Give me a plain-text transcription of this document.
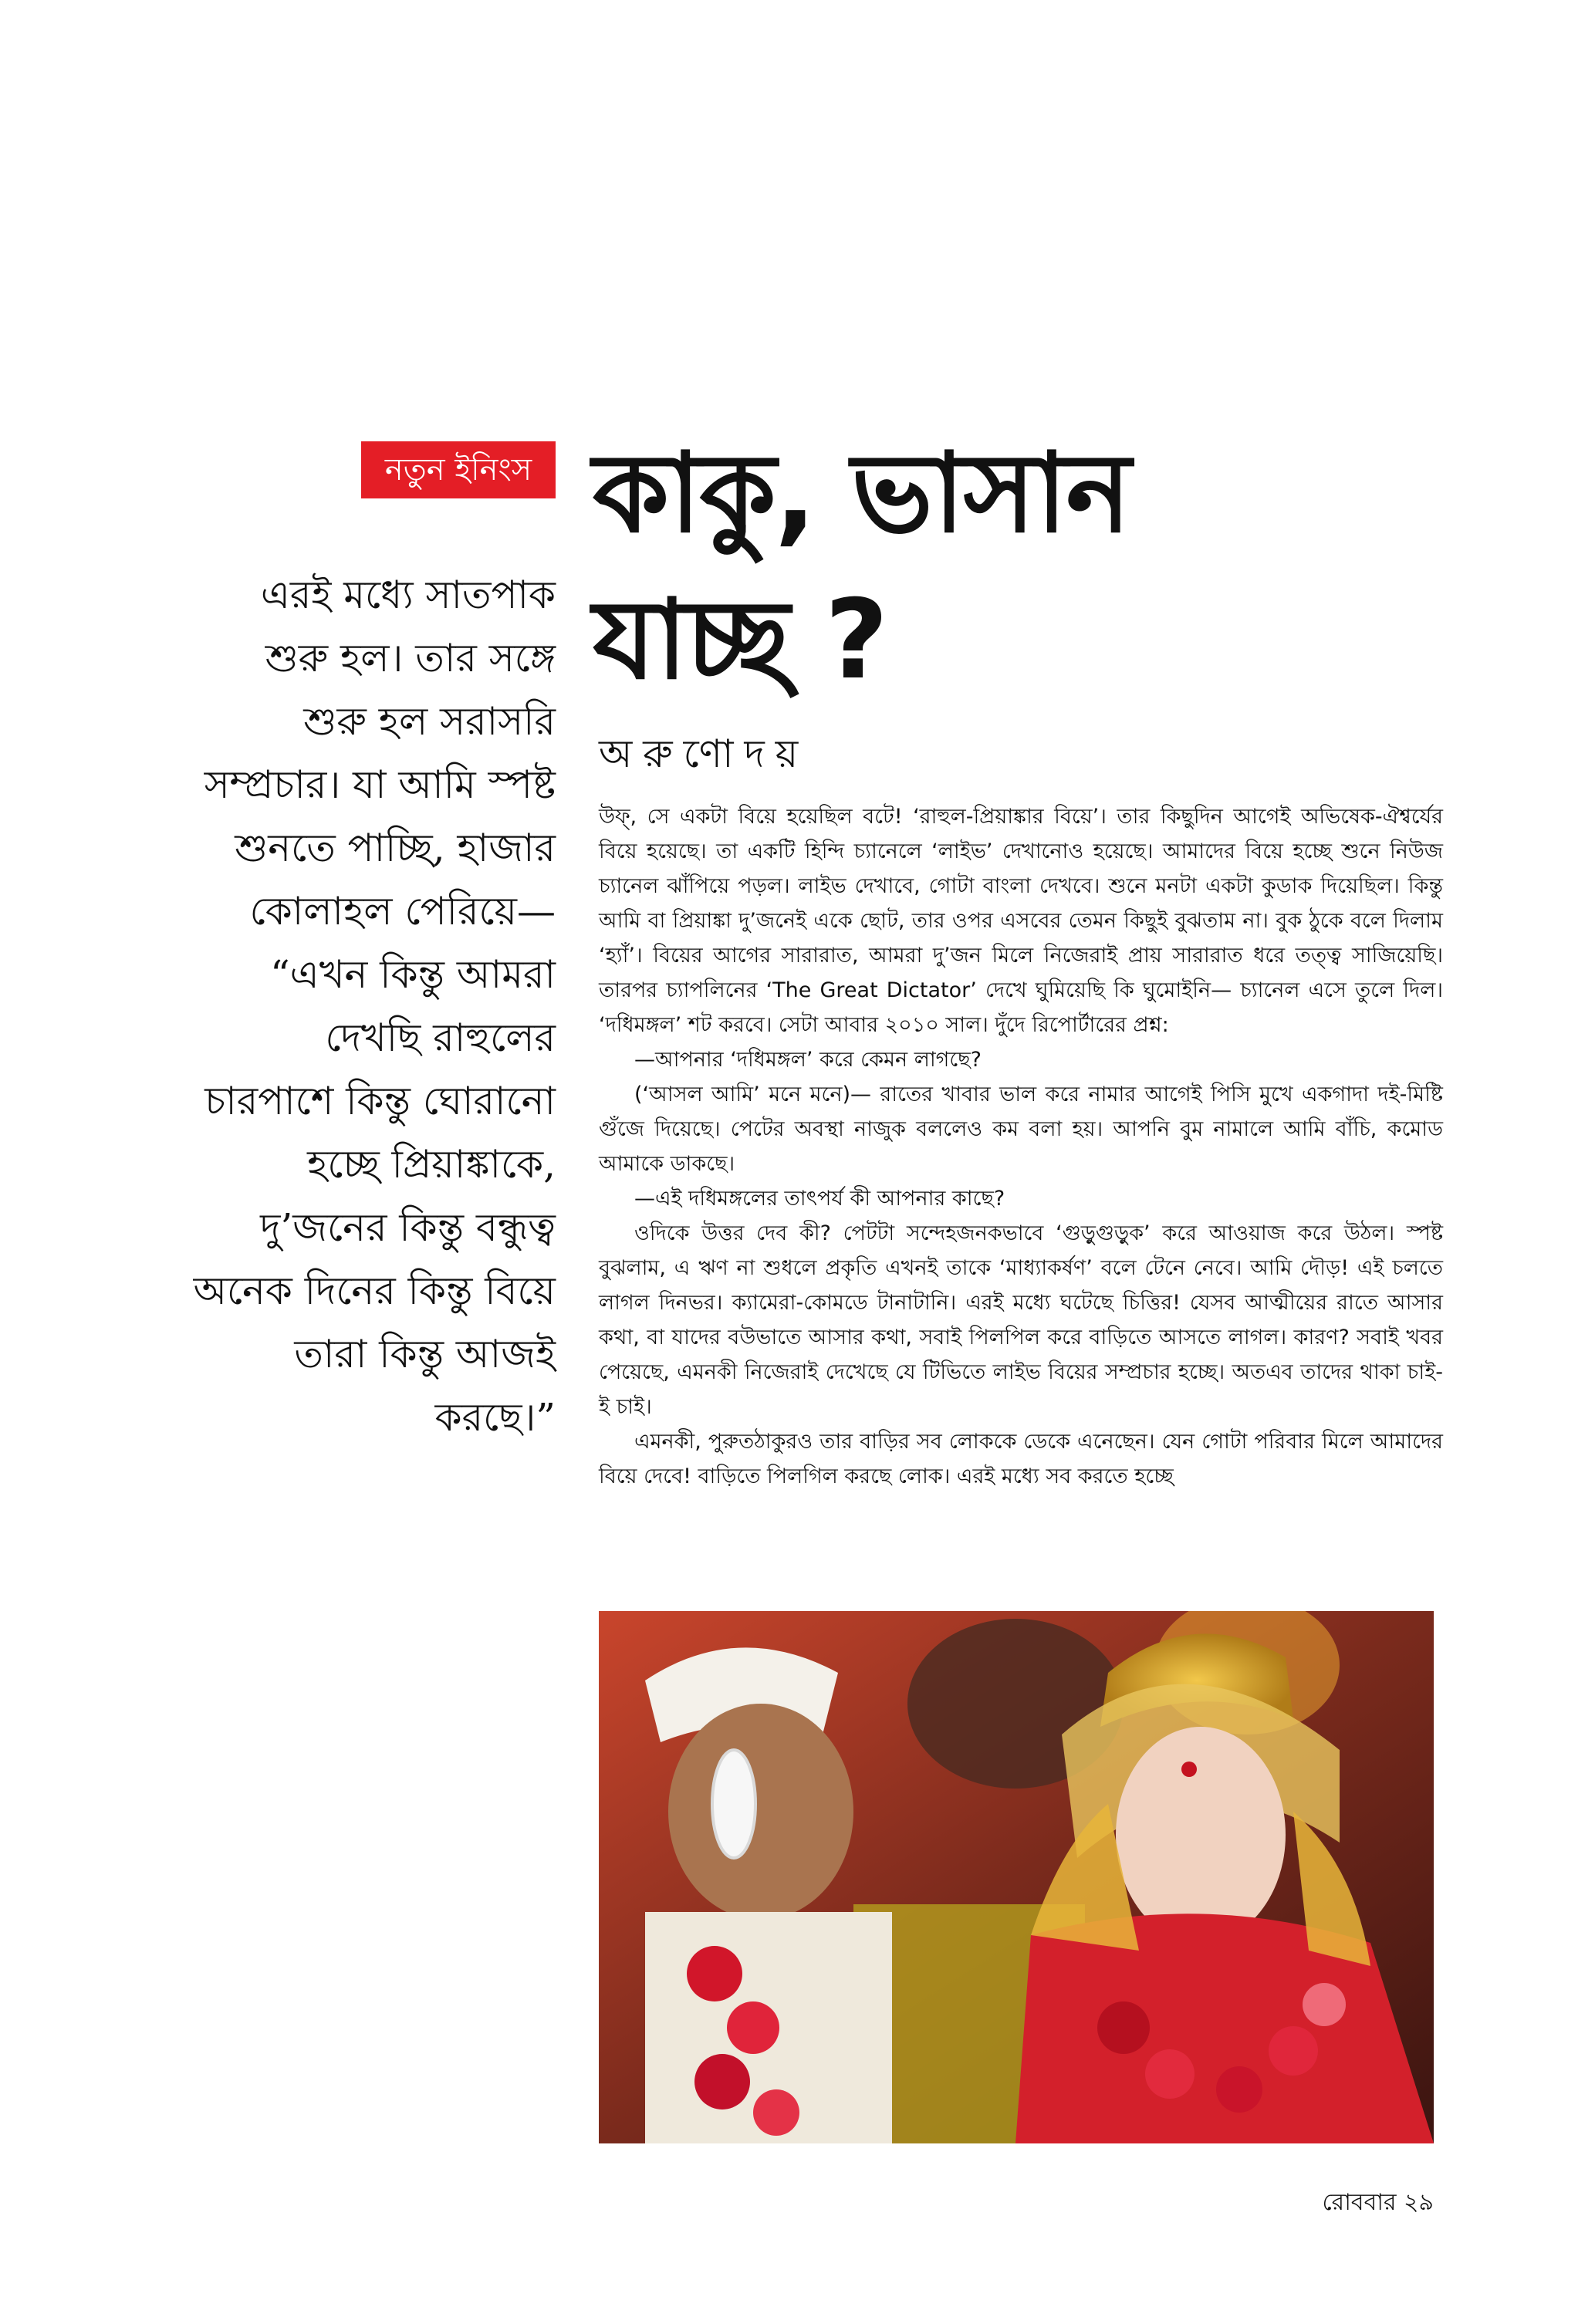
নতুন ইনিংস কাকু, ভাসান
যাচ্ছ ?
অরুণোদয়
এরই মধ্যে সাতপাক
শুরু হল। তার সঙ্গে
শুরু হল সরাসরি
সম্প্রচার। যা আমি স্পষ্ট
শুনতে পাচ্ছি, হাজার
কোলাহল পেরিয়ে—
“এখন কিন্তু আমরা
দেখছি রাহুলের
চারপাশে কিন্তু ঘোরানো
হচ্ছে প্রিয়াঙ্কাকে,
দু’জনের কিন্তু বন্ধুত্ব
অনেক দিনের কিন্তু বিয়ে
তারা কিন্তু আজই
করছে।”

উফ্, সে একটা বিয়ে হয়েছিল বটে! ‘রাহুল-প্রিয়াঙ্কার বিয়ে’। তার কিছুদিন আগেই অভিষেক-ঐশ্বর্যের বিয়ে হয়েছে। তা একটি হিন্দি চ্যানেলে ‘লাইভ’ দেখানোও হয়েছে। আমাদের বিয়ে হচ্ছে শুনে নিউজ চ্যানেল ঝাঁপিয়ে পড়ল। লাইভ দেখাবে, গোটা বাংলা দেখবে। শুনে মনটা একটা কুডাক দিয়েছিল। কিন্তু আমি বা প্রিয়াঙ্কা দু’জনেই একে ছোট, তার ওপর এসবের তেমন কিছুই বুঝতাম না। বুক ঠুকে বলে দিলাম ‘হ্যাঁ’। বিয়ের আগের সারারাত, আমরা দু’জন মিলে নিজেরাই প্রায় সারারাত ধরে তত্ত্ব সাজিয়েছি। তারপর চ্যাপলিনের ‘The Great Dictator’ দেখে ঘুমিয়েছি কি ঘুমোইনি— চ্যানেল এসে তুলে দিল। ‘দধিমঙ্গল’ শট করবে। সেটা আবার ২০১০ সাল। দুঁদে রিপোর্টারের প্রশ্ন:

—আপনার ‘দধিমঙ্গল’ করে কেমন লাগছে?

(‘আসল আমি’ মনে মনে)— রাতের খাবার ভাল করে নামার আগেই পিসি মুখে একগাদা দই-মিষ্টি গুঁজে দিয়েছে। পেটের অবস্থা নাজুক বললেও কম বলা হয়। আপনি বুম নামালে আমি বাঁচি, কমোড আমাকে ডাকছে।

—এই দধিমঙ্গলের তাৎপর্য কী আপনার কাছে?

ওদিকে উত্তর দেব কী? পেটটা সন্দেহজনকভাবে ‘গুড়ুগুড়ুক’ করে আওয়াজ করে উঠল। স্পষ্ট বুঝলাম, এ ঋণ না শুধলে প্রকৃতি এখনই তাকে ‘মাধ্যাকর্ষণ’ বলে টেনে নেবে। আমি দৌড়! এই চলতে লাগল দিনভর। ক্যামেরা-কোমডে টানাটানি। এরই মধ্যে ঘটেছে চিত্তির! যেসব আত্মীয়ের রাতে আসার কথা, বা যাদের বউভাতে আসার কথা, সবাই পিলপিল করে বাড়িতে আসতে লাগল। কারণ? সবাই খবর পেয়েছে, এমনকী নিজেরাই দেখেছে যে টিভিতে লাইভ বিয়ের সম্প্রচার হচ্ছে। অতএব তাদের থাকা চাই-ই চাই।

এমনকী, পুরুতঠাকুরও তার বাড়ির সব লোককে ডেকে এনেছেন। যেন গোটা পরিবার মিলে আমাদের বিয়ে দেবে! বাড়িতে পিলগিল করছে লোক। এরই মধ্যে সব করতে হচ্ছে

রোববার ২৯
